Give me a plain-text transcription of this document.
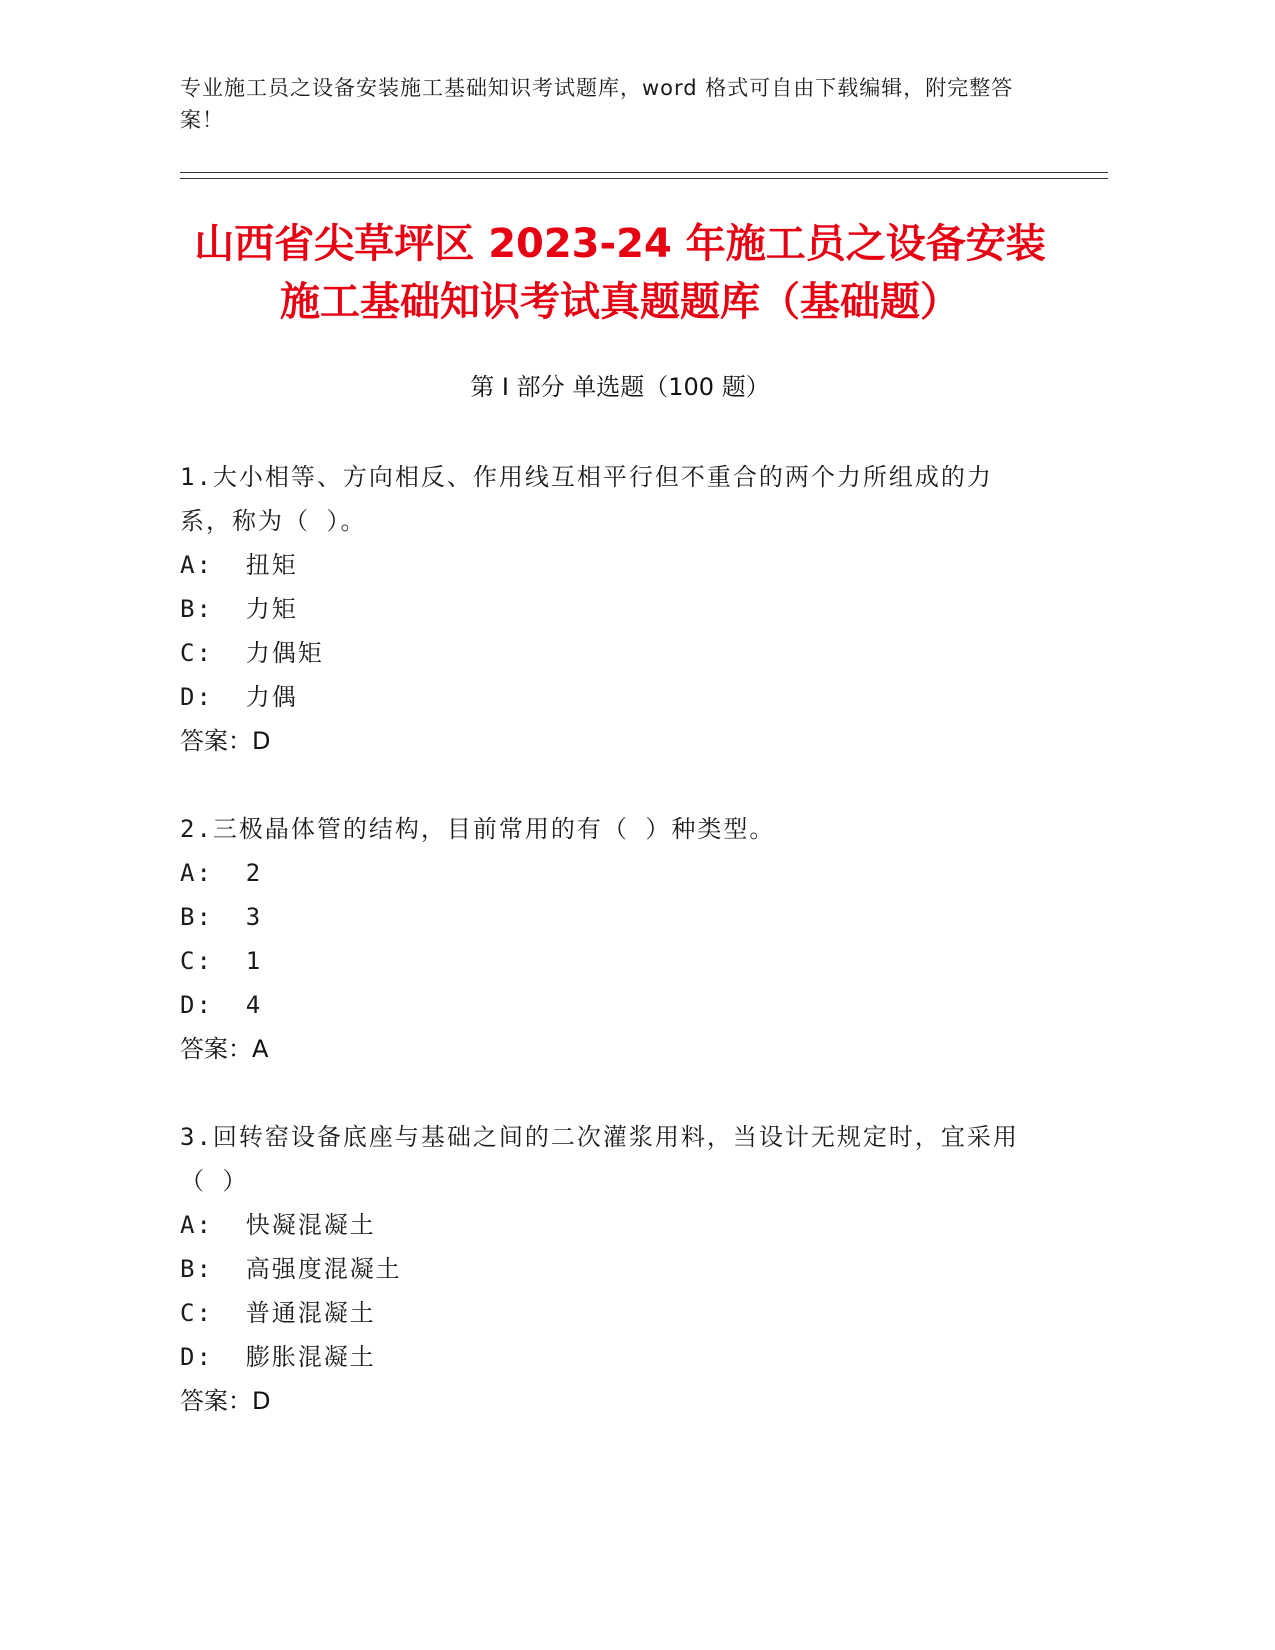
专业施工员之设备安装施工基础知识考试题库，word 格式可自由下载编辑，附完整答案！
山西省尖草坪区 2023-24 年施工员之设备安装施工基础知识考试真题题库（基础题）
第 I 部分 单选题（100 题）

1.大小相等、方向相反、作用线互相平行但不重合的两个力所组成的力系，称为（ ）。

A:  扭矩

B:  力矩

C:  力偶矩

D:  力偶

答案：D

2.三极晶体管的结构，目前常用的有（ ）种类型。

A:  2

B:  3

C:  1

D:  4

答案：A

3.回转窑设备底座与基础之间的二次灌浆用料，当设计无规定时，宜采用（ ）

A:  快凝混凝土

B:  高强度混凝土

C:  普通混凝土

D:  膨胀混凝土

答案：D
